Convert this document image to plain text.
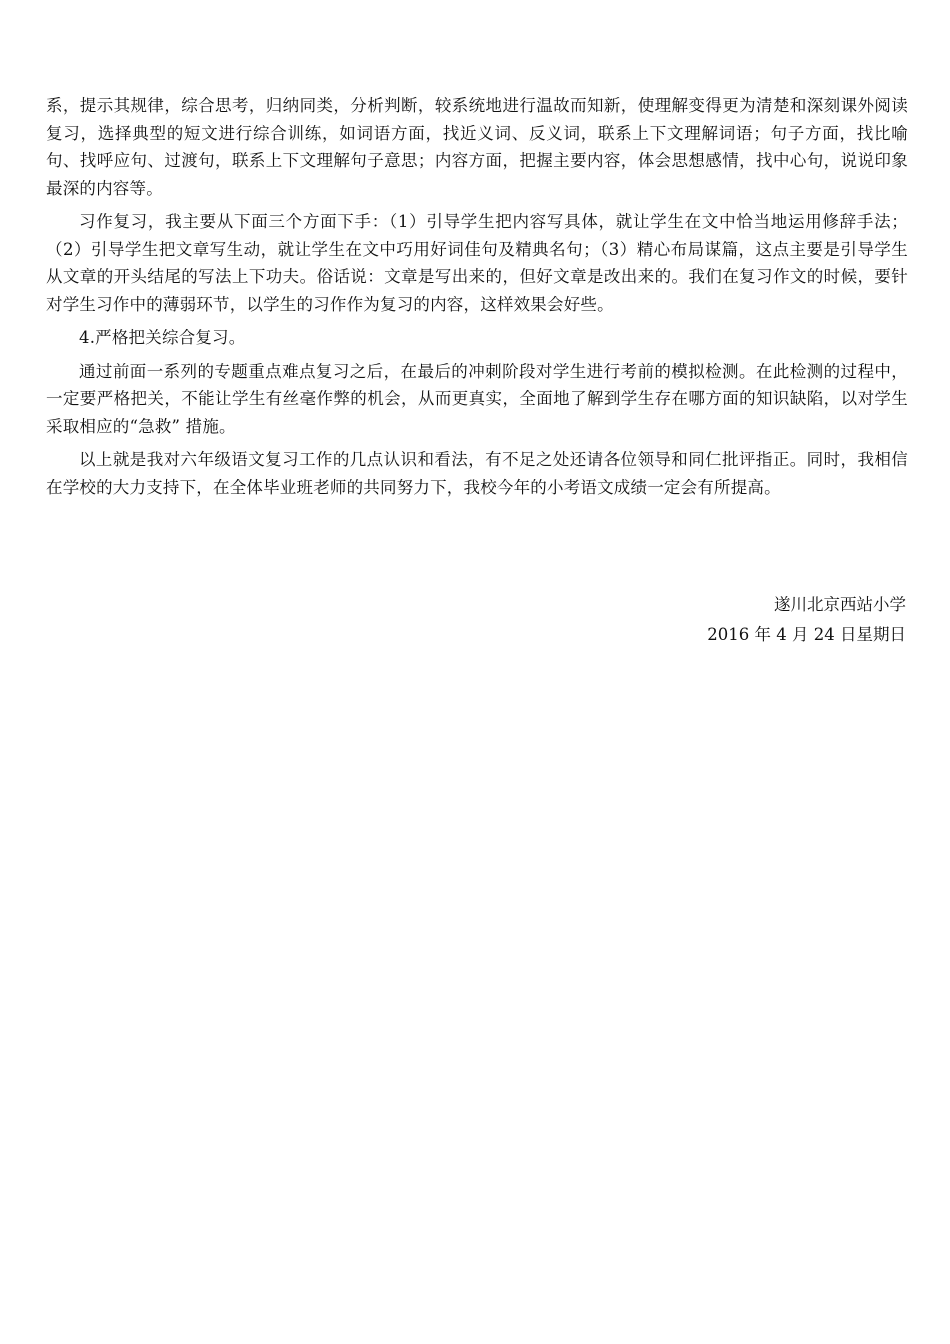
系，提示其规律，综合思考，归纳同类，分析判断，较系统地进行温故而知新，使理解变得更为清楚和深刻课外阅读复习，选择典型的短文进行综合训练，如词语方面，找近义词、反义词，联系上下文理解词语；句子方面，找比喻句、找呼应句、过渡句，联系上下文理解句子意思；内容方面，把握主要内容，体会思想感情，找中心句，说说印象最深的内容等。

习作复习，我主要从下面三个方面下手：（1）引导学生把内容写具体，就让学生在文中恰当地运用修辞手法；（2）引导学生把文章写生动，就让学生在文中巧用好词佳句及精典名句；（3）精心布局谋篇，这点主要是引导学生从文章的开头结尾的写法上下功夫。俗话说：文章是写出来的，但好文章是改出来的。我们在复习作文的时候，要针对学生习作中的薄弱环节，以学生的习作作为复习的内容，这样效果会好些。

4.严格把关综合复习。

通过前面一系列的专题重点难点复习之后，在最后的冲刺阶段对学生进行考前的模拟检测。在此检测的过程中，一定要严格把关，不能让学生有丝毫作弊的机会，从而更真实，全面地了解到学生存在哪方面的知识缺陷，以对学生采取相应的“急救” 措施。

以上就是我对六年级语文复习工作的几点认识和看法，有不足之处还请各位领导和同仁批评指正。同时，我相信在学校的大力支持下，在全体毕业班老师的共同努力下，我校今年的小考语文成绩一定会有所提高。

遂川北京西站小学
2016 年 4 月 24 日星期日
